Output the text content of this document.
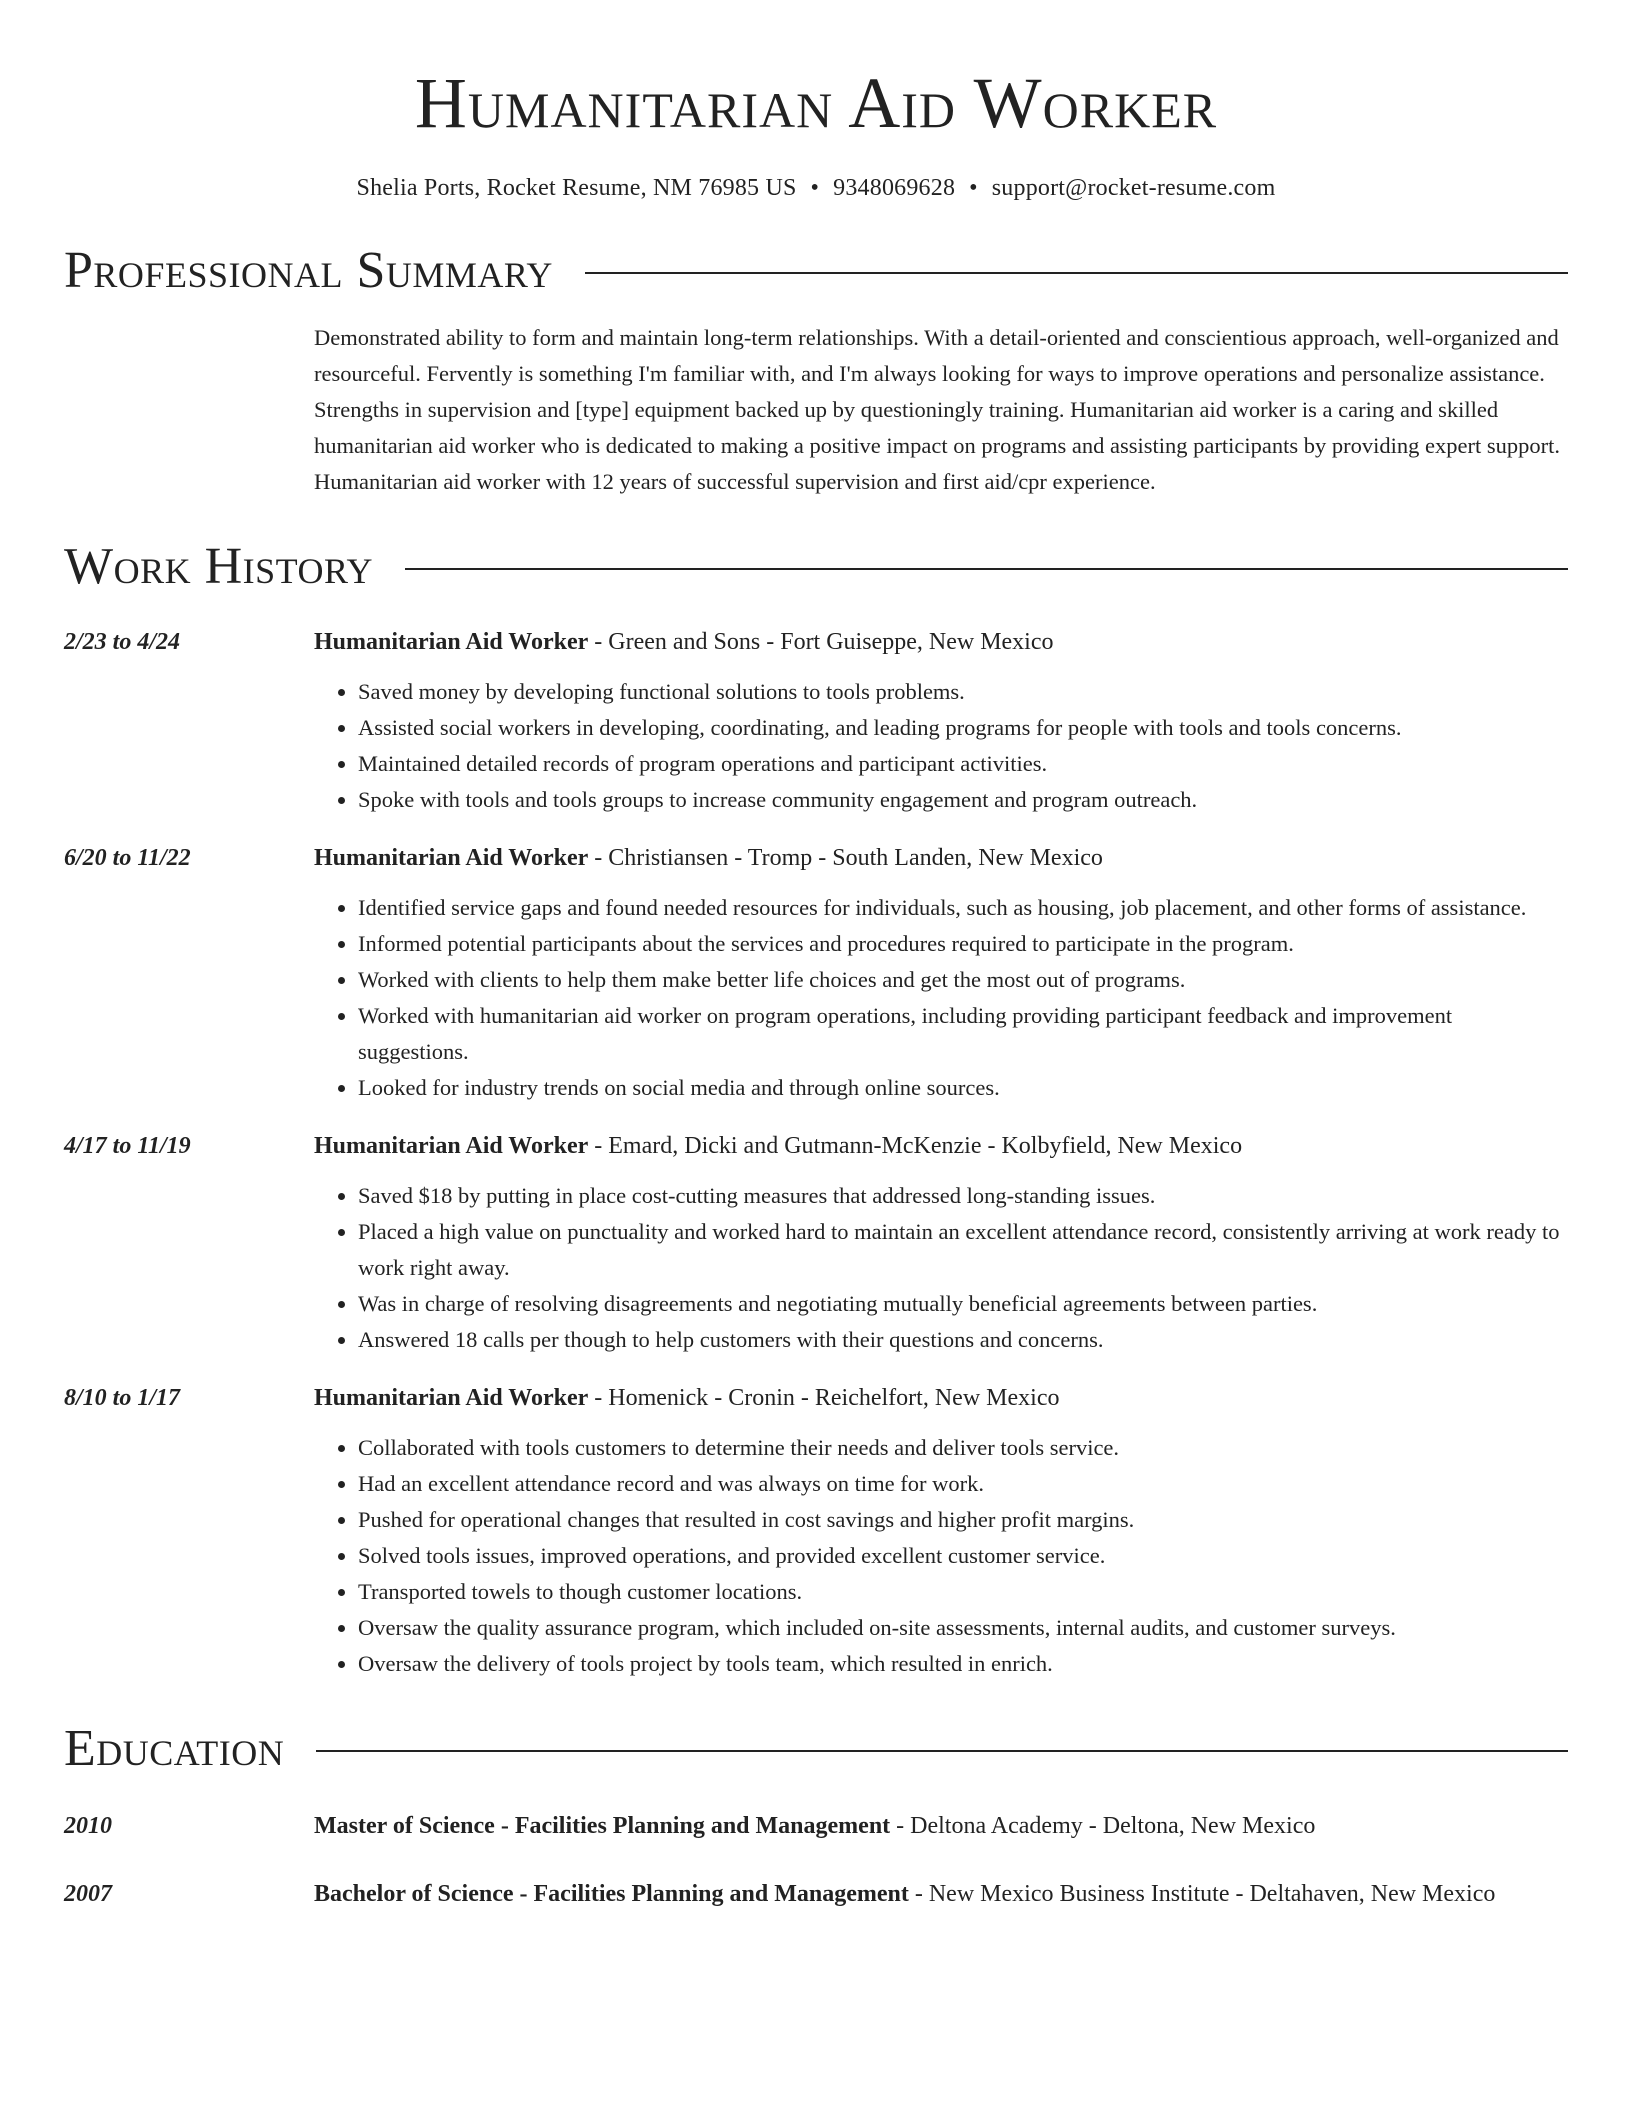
Humanitarian Aid Worker
Shelia Ports, Rocket Resume, NM 76985 US • 9348069628 • support@rocket-resume.com
Professional Summary
Demonstrated ability to form and maintain long-term relationships. With a detail-oriented and conscientious approach, well-organized and resourceful. Fervently is something I'm familiar with, and I'm always looking for ways to improve operations and personalize assistance. Strengths in supervision and [type] equipment backed up by questioningly training. Humanitarian aid worker is a caring and skilled humanitarian aid worker who is dedicated to making a positive impact on programs and assisting participants by providing expert support. Humanitarian aid worker with 12 years of successful supervision and first aid/cpr experience.
Work History
2/23 to 4/24	Humanitarian Aid Worker - Green and Sons - Fort Guiseppe, New Mexico
• Saved money by developing functional solutions to tools problems.
• Assisted social workers in developing, coordinating, and leading programs for people with tools and tools concerns.
• Maintained detailed records of program operations and participant activities.
• Spoke with tools and tools groups to increase community engagement and program outreach.
6/20 to 11/22	Humanitarian Aid Worker - Christiansen - Tromp - South Landen, New Mexico
• Identified service gaps and found needed resources for individuals, such as housing, job placement, and other forms of assistance.
• Informed potential participants about the services and procedures required to participate in the program.
• Worked with clients to help them make better life choices and get the most out of programs.
• Worked with humanitarian aid worker on program operations, including providing participant feedback and improvement suggestions.
• Looked for industry trends on social media and through online sources.
4/17 to 11/19	Humanitarian Aid Worker - Emard, Dicki and Gutmann-McKenzie - Kolbyfield, New Mexico
• Saved $18 by putting in place cost-cutting measures that addressed long-standing issues.
• Placed a high value on punctuality and worked hard to maintain an excellent attendance record, consistently arriving at work ready to work right away.
• Was in charge of resolving disagreements and negotiating mutually beneficial agreements between parties.
• Answered 18 calls per though to help customers with their questions and concerns.
8/10 to 1/17	Humanitarian Aid Worker - Homenick - Cronin - Reichelfort, New Mexico
• Collaborated with tools customers to determine their needs and deliver tools service.
• Had an excellent attendance record and was always on time for work.
• Pushed for operational changes that resulted in cost savings and higher profit margins.
• Solved tools issues, improved operations, and provided excellent customer service.
• Transported towels to though customer locations.
• Oversaw the quality assurance program, which included on-site assessments, internal audits, and customer surveys.
• Oversaw the delivery of tools project by tools team, which resulted in enrich.
Education
2010	Master of Science - Facilities Planning and Management - Deltona Academy - Deltona, New Mexico
2007	Bachelor of Science - Facilities Planning and Management - New Mexico Business Institute - Deltahaven, New Mexico
